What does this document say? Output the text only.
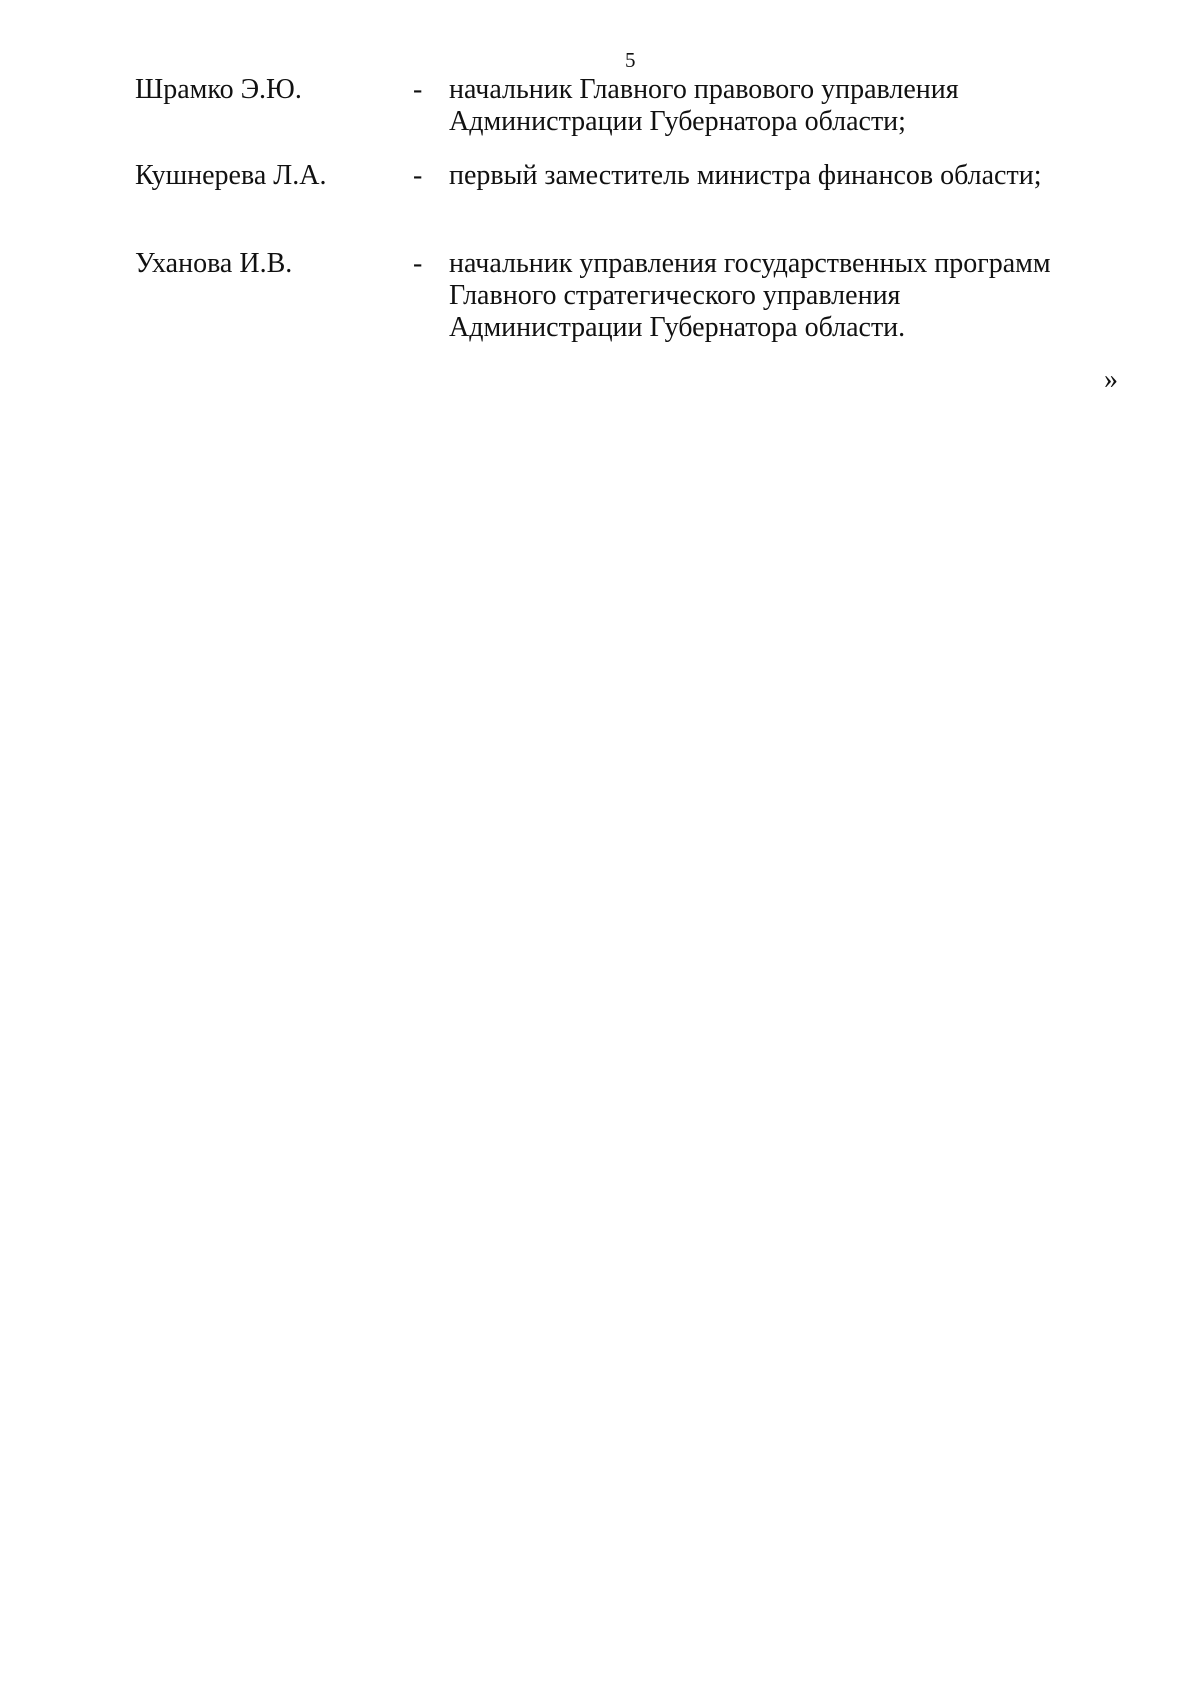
5
Шрамко Э.Ю.	- начальник Главного правового управления
Администрации Губернатора области;
Кушнерева Л.А.	- первый заместитель министра финансов области;
Уханова И.В.	- начальник управления государственных программ
Главного стратегического управления
Администрации Губернатора области.
»
